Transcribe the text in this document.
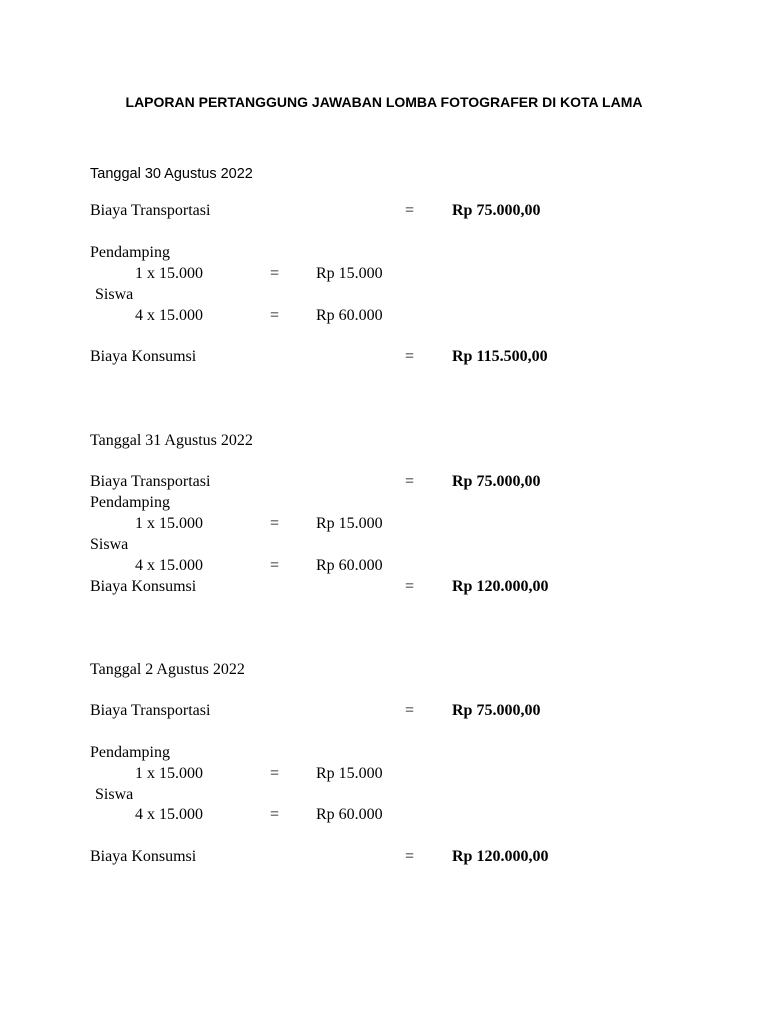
LAPORAN PERTANGGUNG JAWABAN LOMBA FOTOGRAFER DI KOTA LAMA
Tanggal 30 Agustus 2022
Biaya Transportasi	= Rp 75.000,00
Pendamping
1 x 15.000	= Rp 15.000
Siswa
4 x 15.000	= Rp 60.000
Biaya Konsumsi	= Rp 115.500,00
Tanggal 31 Agustus 2022
Biaya Transportasi	= Rp 75.000,00
Pendamping
1 x 15.000	= Rp 15.000
Siswa
4 x 15.000	= Rp 60.000
Biaya Konsumsi	= Rp 120.000,00
Tanggal 2 Agustus 2022
Biaya Transportasi	= Rp 75.000,00
Pendamping
1 x 15.000	= Rp 15.000
Siswa
4 x 15.000	= Rp 60.000
Biaya Konsumsi	= Rp 120.000,00
